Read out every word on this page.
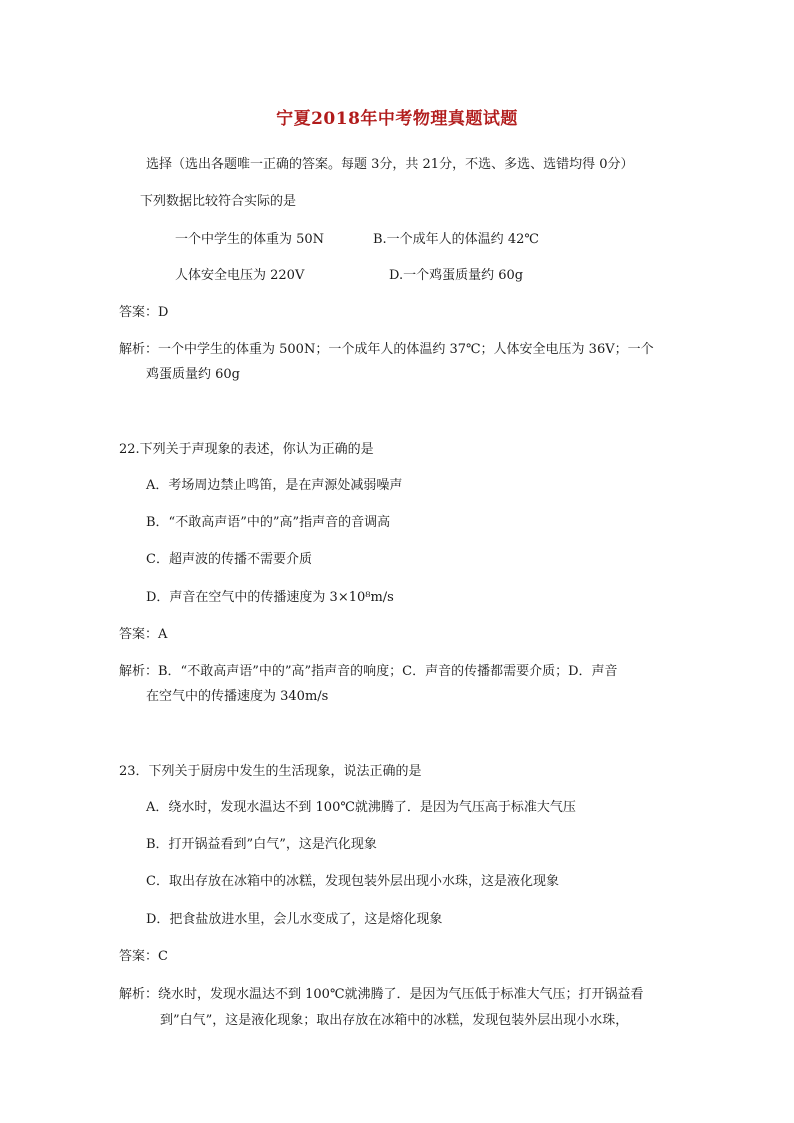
宁夏2018年中考物理真题试题
选择（选出各题唯一正确的答案。每题 3分，共 21分，不选、多选、选错均得 0分）
下列数据比较符合实际的是
一个中学生的体重为 50N	B.一个成年人的体温约 42℃
人体安全电压为 220V	D.一个鸡蛋质量约 60g
答案：D
解析：一个中学生的体重为 500N；一个成年人的体温约 37℃；人体安全电压为 36V；一个
鸡蛋质量约 60g
22.下列关于声现象的表述，你认为正确的是
A．考场周边禁止鸣笛，是在声源处减弱噪声
B．“不敢高声语”中的”高”指声音的音调高
C．超声波的传播不需要介质
D．声音在空气中的传播速度为 3×10⁸m/s
答案：A
解析：B．“不敢高声语”中的”高”指声音的响度；C．声音的传播都需要介质；D．声音
在空气中的传播速度为 340m/s
23．下列关于厨房中发生的生活现象，说法正确的是
A．绕水时，发现水温达不到 100℃就沸腾了．是因为气压高于标准大气压
B．打开锅益看到”白气”，这是汽化现象
C．取出存放在冰箱中的冰糕，发现包装外层出现小水珠，这是液化现象
D．把食盐放进水里，会儿水变成了，这是熔化现象
答案：C
解析：绕水时，发现水温达不到 100℃就沸腾了．是因为气压低于标准大气压；打开锅益看
到”白气”，这是液化现象；取出存放在冰箱中的冰糕，发现包装外层出现小水珠，
